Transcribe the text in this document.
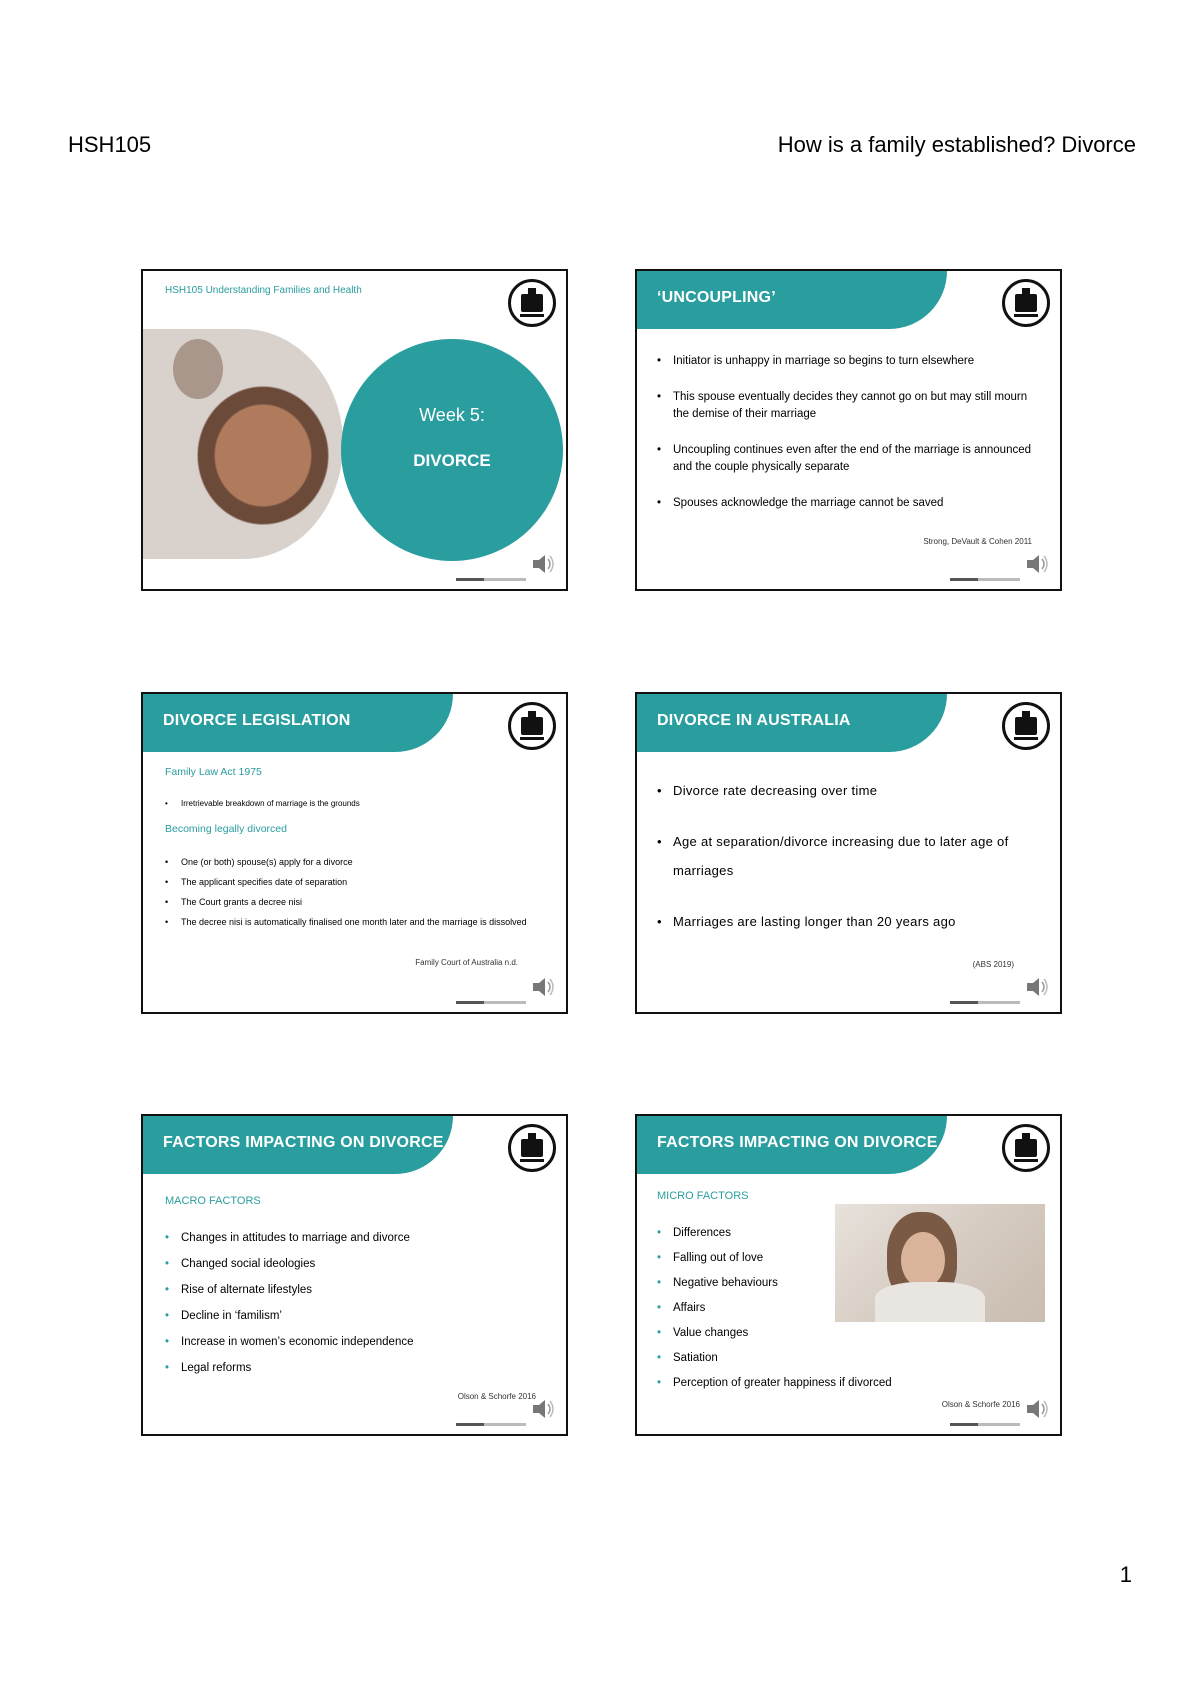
HSH105	How is a family established? Divorce
HSH105 Understanding Families and Health
Week 5:
DIVORCE
‘UNCOUPLING’
• Initiator is unhappy in marriage so begins to turn elsewhere
• This spouse eventually decides they cannot go on but may still mourn the demise of their marriage
• Uncoupling continues even after the end of the marriage is announced and the couple physically separate
• Spouses acknowledge the marriage cannot be saved
Strong, DeVault & Cohen 2011
DIVORCE LEGISLATION
Family Law Act 1975
• Irretrievable breakdown of marriage is the grounds
Becoming legally divorced
• One (or both) spouse(s) apply for a divorce
• The applicant specifies date of separation
• The Court grants a decree nisi
• The decree nisi is automatically finalised one month later and the marriage is dissolved
Family Court of Australia n.d.
DIVORCE IN AUSTRALIA
• Divorce rate decreasing over time
• Age at separation/divorce increasing due to later age of marriages
• Marriages are lasting longer than 20 years ago
(ABS 2019)
FACTORS IMPACTING ON DIVORCE
MACRO FACTORS
• Changes in attitudes to marriage and divorce
• Changed social ideologies
• Rise of alternate lifestyles
• Decline in ‘familism’
• Increase in women’s economic independence
• Legal reforms
Olson & Schorfe 2016
FACTORS IMPACTING ON DIVORCE
MICRO FACTORS
• Differences
• Falling out of love
• Negative behaviours
• Affairs
• Value changes
• Satiation
• Perception of greater happiness if divorced
Olson & Schorfe 2016
1
